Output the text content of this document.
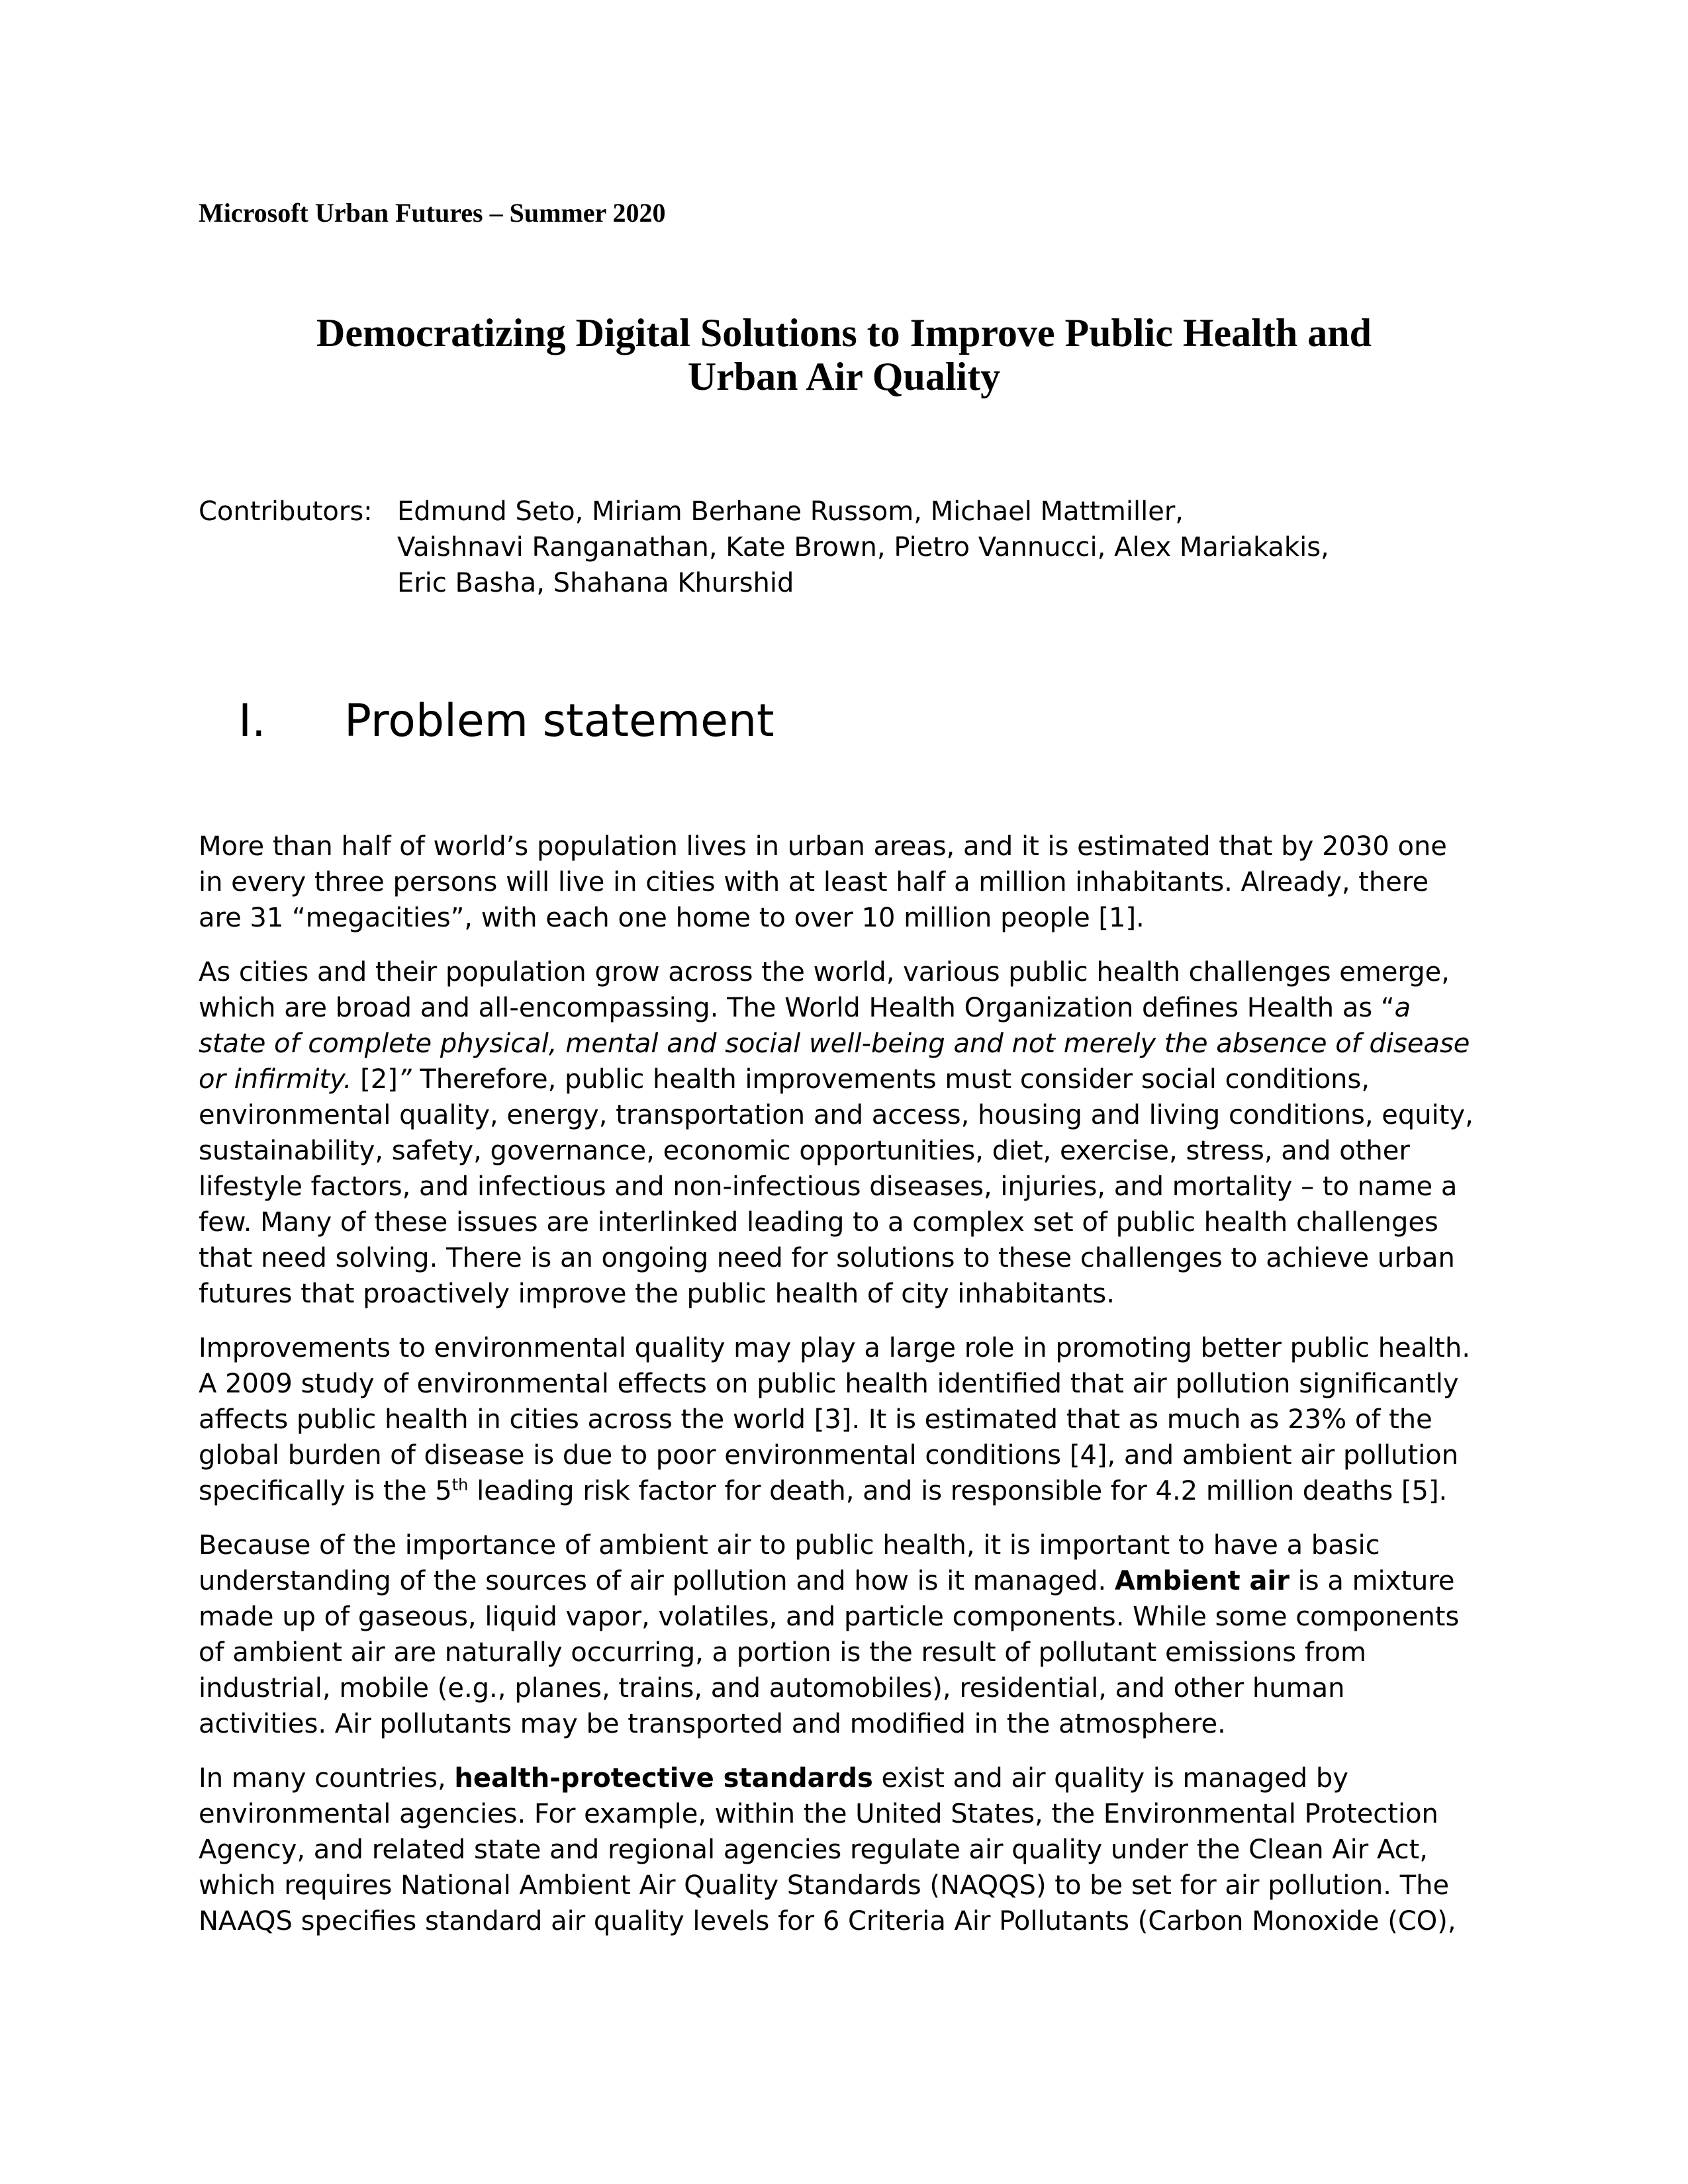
Microsoft Urban Futures – Summer 2020
Democratizing Digital Solutions to Improve Public Health and
Urban Air Quality
Contributors: Edmund Seto, Miriam Berhane Russom, Michael Mattmiller,
Vaishnavi Ranganathan, Kate Brown, Pietro Vannucci, Alex Mariakakis,
Eric Basha, Shahana Khurshid
I.	Problem statement

More than half of world’s population lives in urban areas, and it is estimated that by 2030 one
in every three persons will live in cities with at least half a million inhabitants. Already, there
are 31 “megacities”, with each one home to over 10 million people [1].

As cities and their population grow across the world, various public health challenges emerge,
which are broad and all-encompassing. The World Health Organization defines Health as “a
state of complete physical, mental and social well-being and not merely the absence of disease
or infirmity. [2]” Therefore, public health improvements must consider social conditions,
environmental quality, energy, transportation and access, housing and living conditions, equity,
sustainability, safety, governance, economic opportunities, diet, exercise, stress, and other
lifestyle factors, and infectious and non-infectious diseases, injuries, and mortality – to name a
few. Many of these issues are interlinked leading to a complex set of public health challenges
that need solving. There is an ongoing need for solutions to these challenges to achieve urban
futures that proactively improve the public health of city inhabitants.

Improvements to environmental quality may play a large role in promoting better public health.
A 2009 study of environmental effects on public health identified that air pollution significantly
affects public health in cities across the world [3]. It is estimated that as much as 23% of the
global burden of disease is due to poor environmental conditions [4], and ambient air pollution
specifically is the 5th leading risk factor for death, and is responsible for 4.2 million deaths [5].

Because of the importance of ambient air to public health, it is important to have a basic
understanding of the sources of air pollution and how is it managed. Ambient air is a mixture
made up of gaseous, liquid vapor, volatiles, and particle components. While some components
of ambient air are naturally occurring, a portion is the result of pollutant emissions from
industrial, mobile (e.g., planes, trains, and automobiles), residential, and other human
activities. Air pollutants may be transported and modified in the atmosphere.

In many countries, health-protective standards exist and air quality is managed by
environmental agencies. For example, within the United States, the Environmental Protection
Agency, and related state and regional agencies regulate air quality under the Clean Air Act,
which requires National Ambient Air Quality Standards (NAQQS) to be set for air pollution. The
NAAQS specifies standard air quality levels for 6 Criteria Air Pollutants (Carbon Monoxide (CO),
